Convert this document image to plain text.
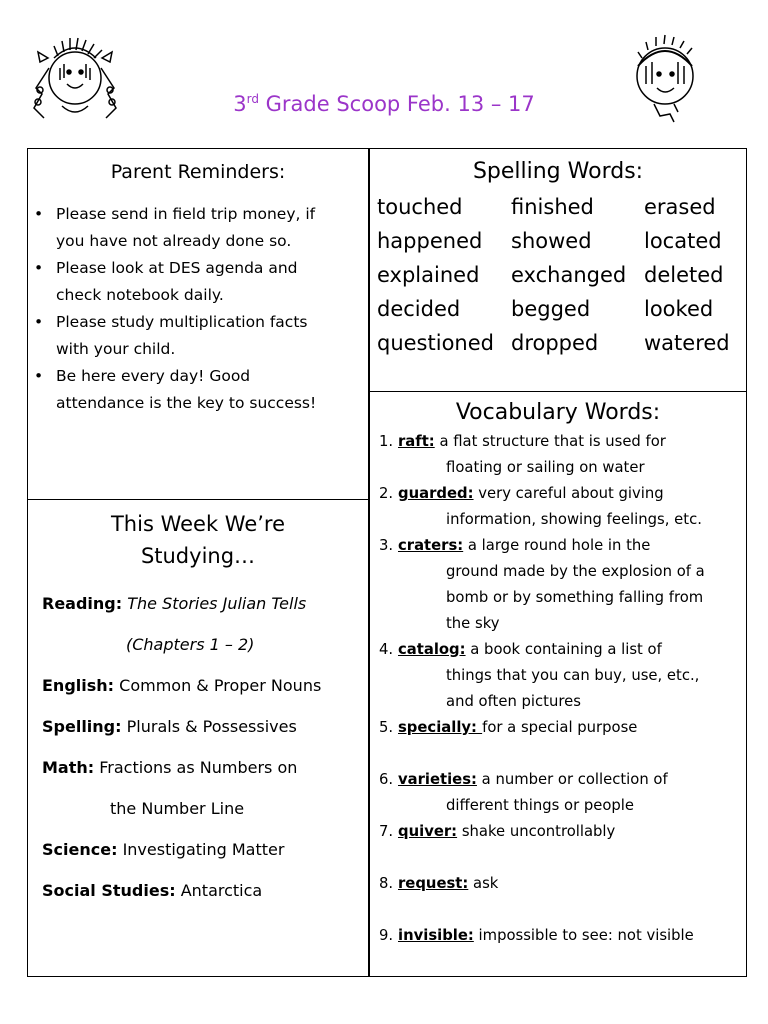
3rd Grade Scoop Feb. 13 – 17
Parent Reminders:
• Please send in field trip money, if
you have not already done so.
• Please look at DES agenda and
check notebook daily.
• Please study multiplication facts
with your child.
• Be here every day! Good
attendance is the key to success!
Spelling Words:
touched	finished	erased
happened	showed	located
explained	exchanged deleted
decided	begged	looked
questioned dropped	watered
Vocabulary Words:
1. raft: a flat structure that is used for
floating or sailing on water
2. guarded: very careful about giving
information, showing feelings, etc.
3. craters: a large round hole in the
ground made by the explosion of a
bomb or by something falling from
the sky
4. catalog: a book containing a list of
things that you can buy, use, etc.,
and often pictures
5. specially: for a special purpose
6. varieties: a number or collection of
different things or people
7. quiver: shake uncontrollably
8. request: ask
9. invisible: impossible to see: not visible
This Week We’re
Studying…
Reading: The Stories Julian Tells
(Chapters 1 – 2)
English: Common & Proper Nouns
Spelling: Plurals & Possessives
Math: Fractions as Numbers on
the Number Line
Science: Investigating Matter
Social Studies: Antarctica
